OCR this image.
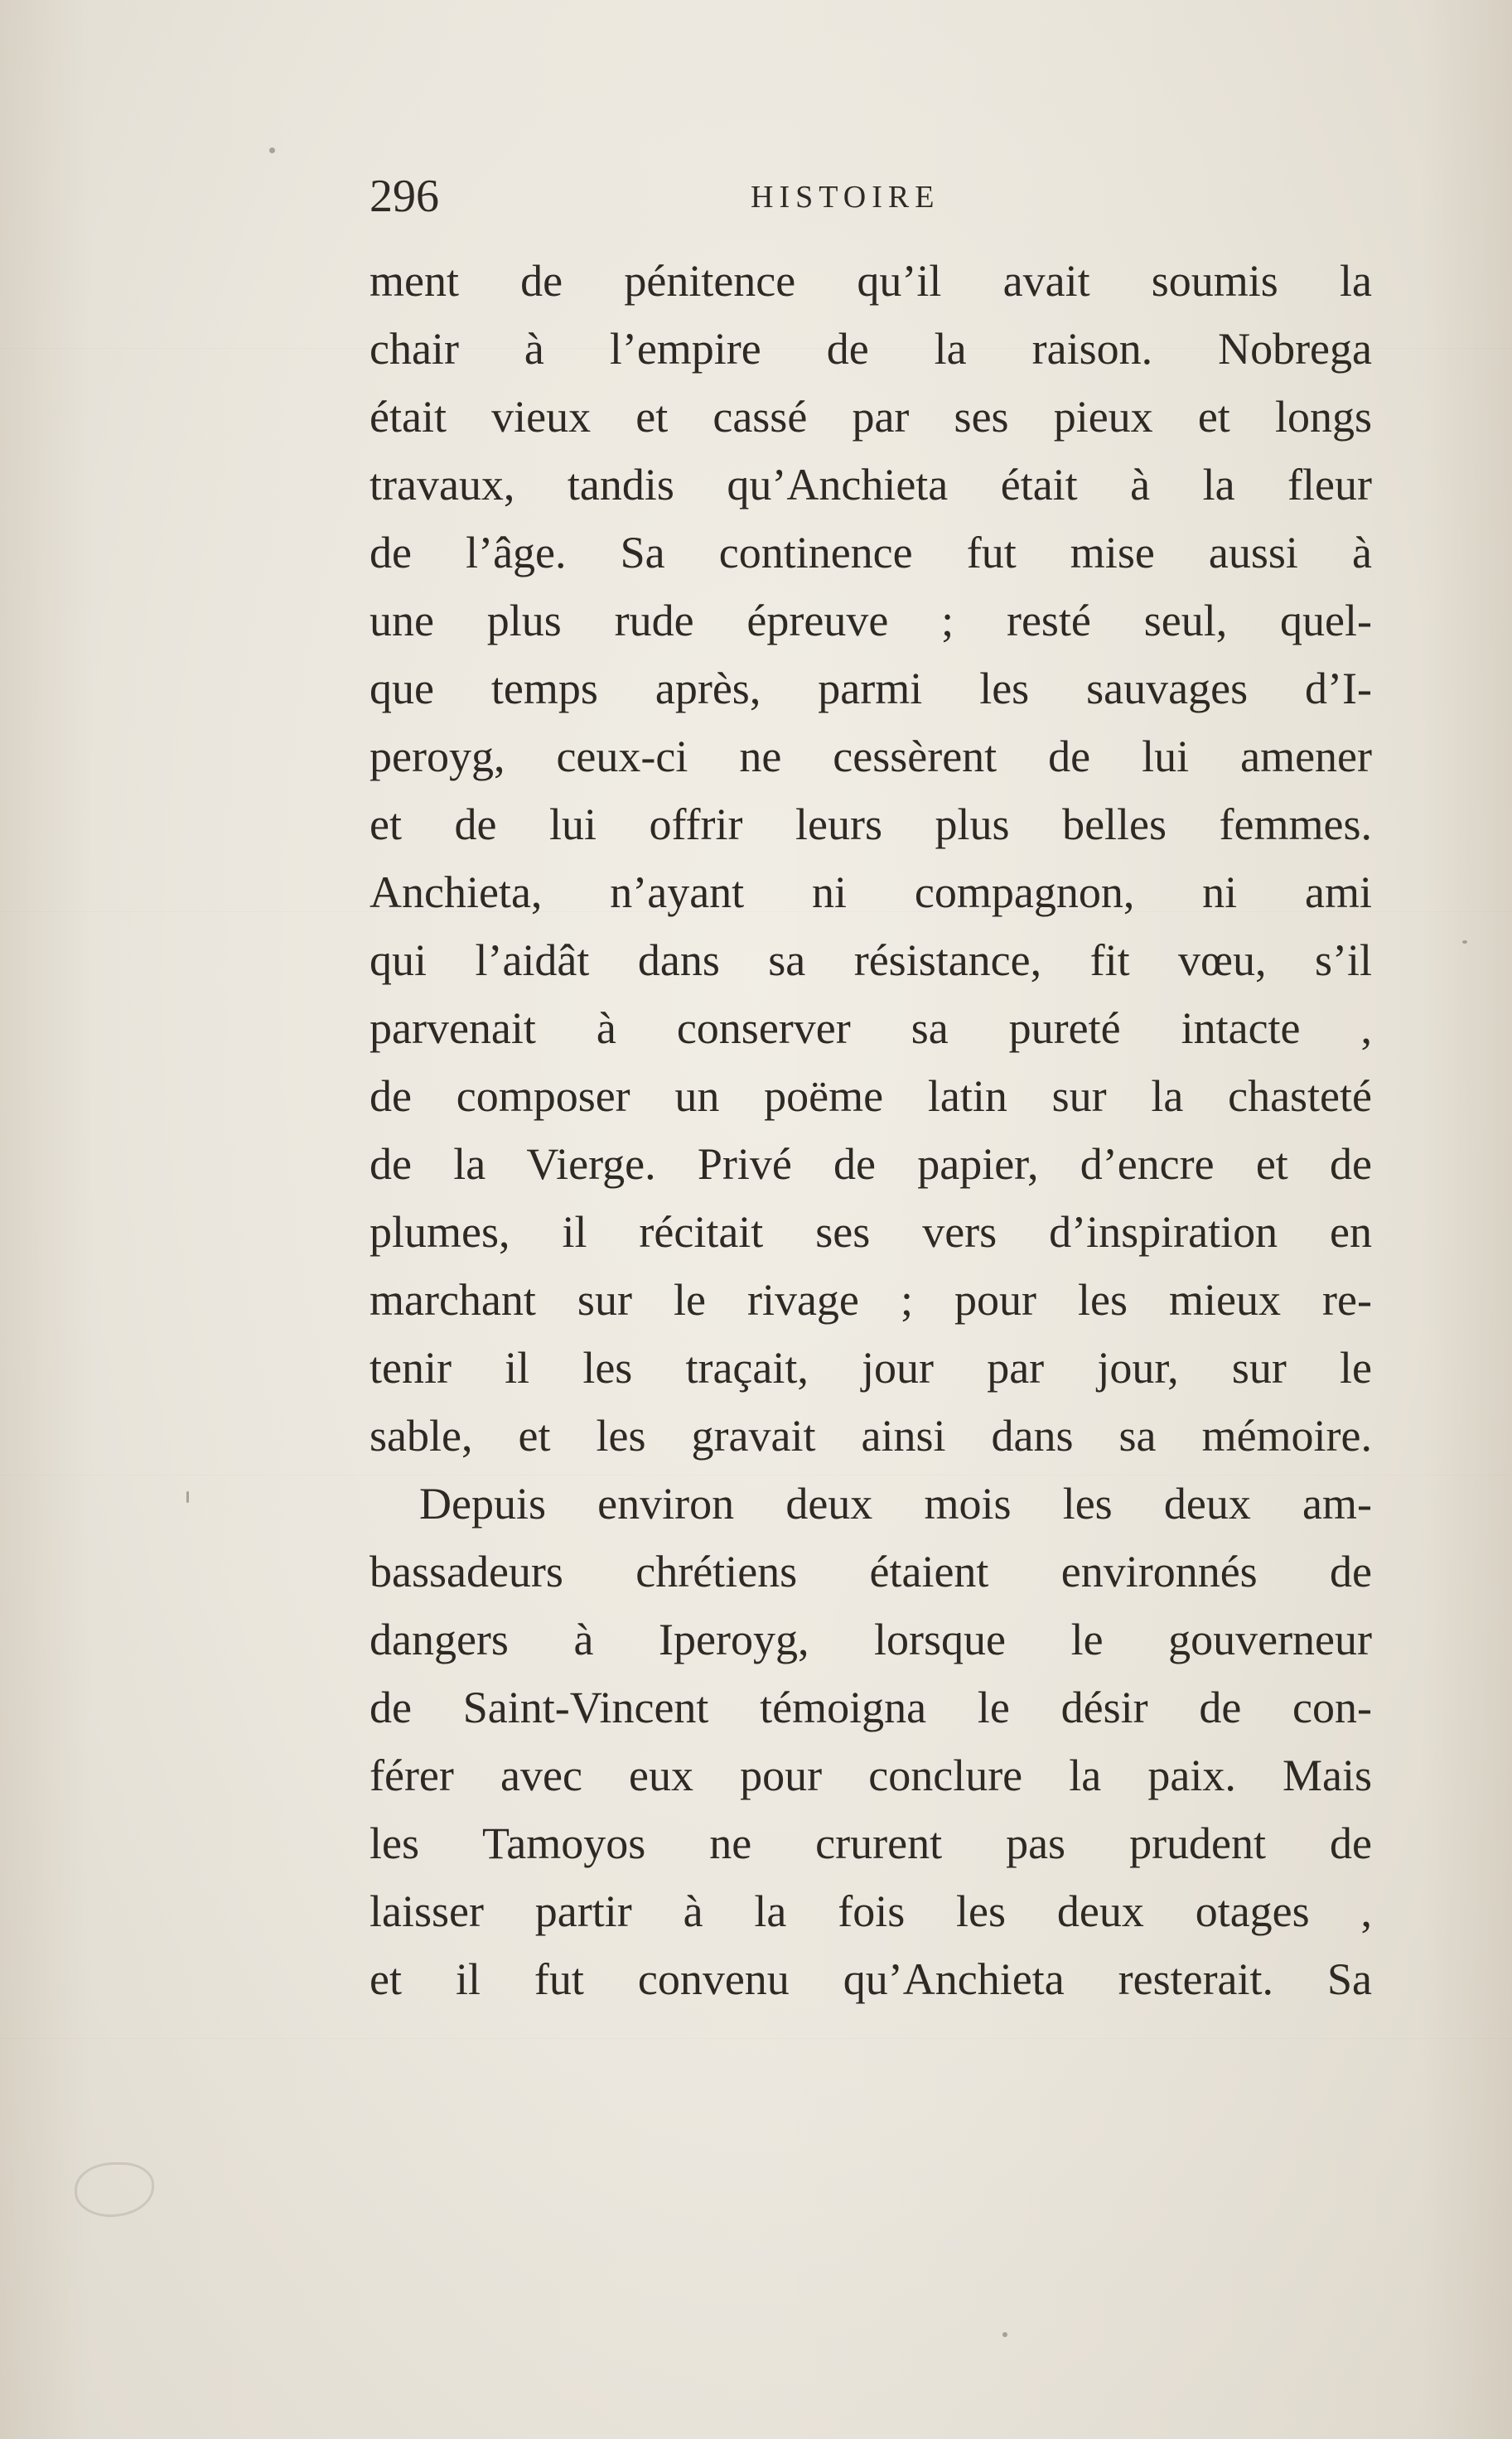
296	HISTOIRE
ment de pénitence qu’il avait soumis la
chair à l’empire de la raison. Nobrega
était vieux et cassé par ses pieux et longs
travaux, tandis qu’Anchieta était à la fleur
de l’âge. Sa continence fut mise aussi à
une plus rude épreuve ; resté seul, quel-
que temps après, parmi les sauvages d’I-
peroyg, ceux-ci ne cessèrent de lui amener
et de lui offrir leurs plus belles femmes.
Anchieta, n’ayant ni compagnon, ni ami
qui l’aidât dans sa résistance, fit vœu, s’il
parvenait à conserver sa pureté intacte ,
de composer un poëme latin sur la chasteté
de la Vierge. Privé de papier, d’encre et de
plumes, il récitait ses vers d’inspiration en
marchant sur le rivage ; pour les mieux re-
tenir il les traçait, jour par jour, sur le
sable, et les gravait ainsi dans sa mémoire.
Depuis environ deux mois les deux am-
bassadeurs chrétiens étaient environnés de
dangers à Iperoyg, lorsque le gouverneur
de Saint-Vincent témoigna le désir de con-
férer avec eux pour conclure la paix. Mais
les Tamoyos ne crurent pas prudent de
laisser partir à la fois les deux otages ,
et il fut convenu qu’Anchieta resterait. Sa
